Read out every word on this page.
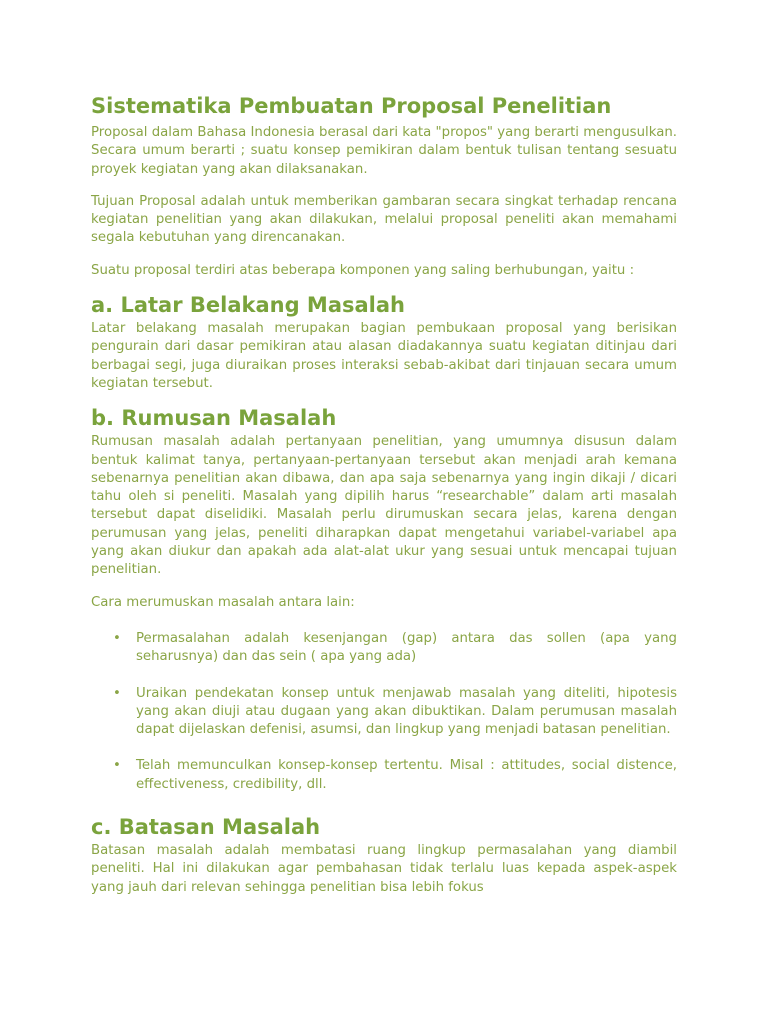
Sistematika Pembuatan Proposal Penelitian

Proposal dalam Bahasa Indonesia berasal dari kata "propos" yang berarti mengusulkan. Secara umum berarti ; suatu konsep pemikiran dalam bentuk tulisan tentang sesuatu proyek kegiatan yang akan dilaksanakan.

Tujuan Proposal adalah untuk memberikan gambaran secara singkat terhadap rencana kegiatan penelitian yang akan dilakukan, melalui proposal peneliti akan memahami segala kebutuhan yang direncanakan.

Suatu proposal terdiri atas beberapa komponen yang saling berhubungan, yaitu :

a. Latar Belakang Masalah

Latar belakang masalah merupakan bagian pembukaan proposal yang berisikan pengurain dari dasar pemikiran atau alasan diadakannya suatu kegiatan ditinjau dari berbagai segi, juga diuraikan proses interaksi sebab-akibat dari tinjauan secara umum kegiatan tersebut.

b. Rumusan Masalah

Rumusan masalah adalah pertanyaan penelitian, yang umumnya disusun dalam bentuk kalimat tanya, pertanyaan-pertanyaan tersebut akan menjadi arah kemana sebenarnya penelitian akan dibawa, dan apa saja sebenarnya yang ingin dikaji / dicari tahu oleh si peneliti. Masalah yang dipilih harus “researchable” dalam arti masalah tersebut dapat diselidiki. Masalah perlu dirumuskan secara jelas, karena dengan perumusan yang jelas, peneliti diharapkan dapat mengetahui variabel-variabel apa yang akan diukur dan apakah ada alat-alat ukur yang sesuai untuk mencapai tujuan penelitian.

Cara merumuskan masalah antara lain:

• Permasalahan adalah kesenjangan (gap) antara das sollen (apa yang seharusnya) dan das sein ( apa yang ada)
• Uraikan pendekatan konsep untuk menjawab masalah yang diteliti, hipotesis yang akan diuji atau dugaan yang akan dibuktikan. Dalam perumusan masalah dapat dijelaskan defenisi, asumsi, dan lingkup yang menjadi batasan penelitian.
• Telah memunculkan konsep-konsep tertentu. Misal : attitudes, social distence, effectiveness, credibility, dll.
c. Batasan Masalah

Batasan masalah adalah membatasi ruang lingkup permasalahan yang diambil peneliti. Hal ini dilakukan agar pembahasan tidak terlalu luas kepada aspek-aspek yang jauh dari relevan sehingga penelitian bisa lebih fokus
